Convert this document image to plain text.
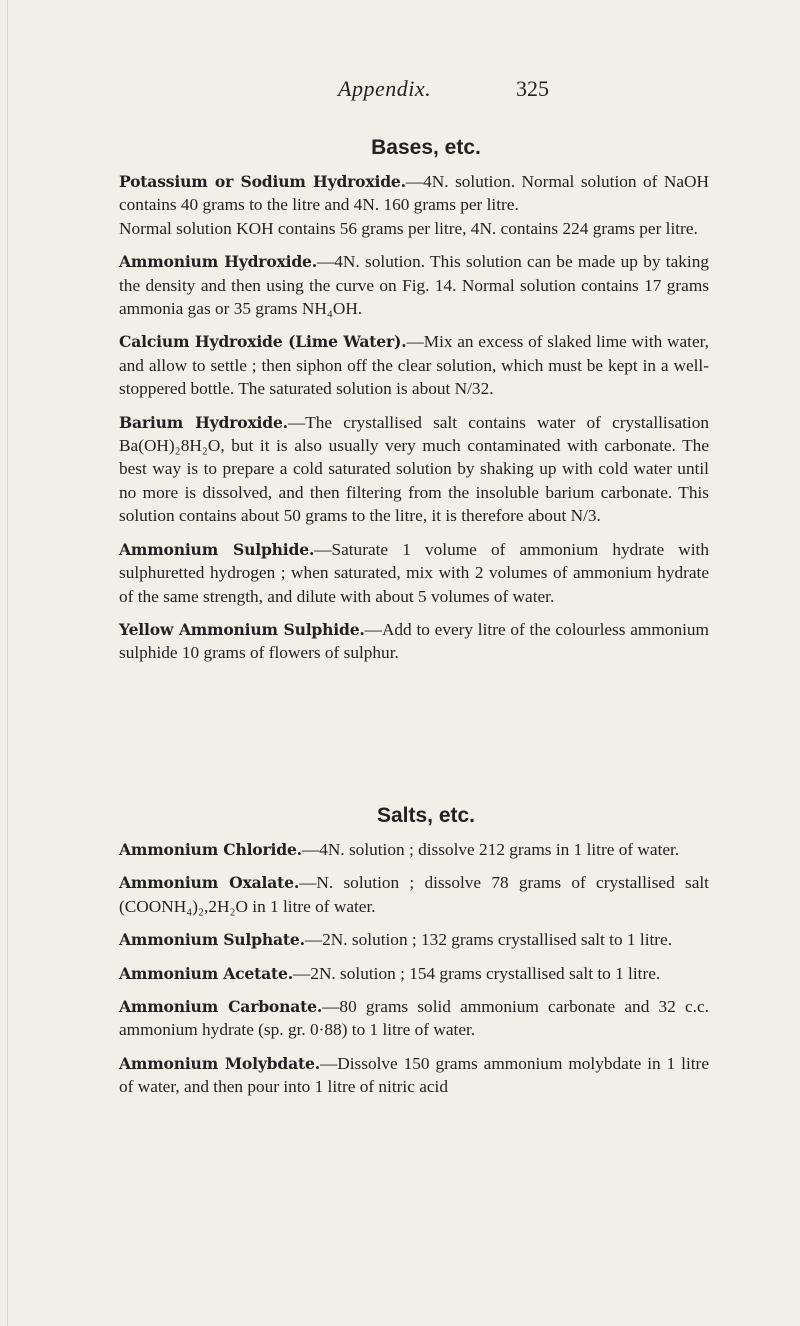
Appendix.	325
Bases, etc.

Potassium or Sodium Hydroxide.—4N. solution. Normal solution of NaOH contains 40 grams to the litre and 4N. 160 grams per litre.

Normal solution KOH contains 56 grams per litre, 4N. contains 224 grams per litre.

Ammonium Hydroxide.—4N. solution. This solution can be made up by taking the density and then using the curve on Fig. 14. Normal solution contains 17 grams ammonia gas or 35 grams NH₄OH.

Calcium Hydroxide (Lime Water).—Mix an excess of slaked lime with water, and allow to settle ; then siphon off the clear solution, which must be kept in a well-stoppered bottle. The saturated solution is about N/32.

Barium Hydroxide.—The crystallised salt contains water of crystallisation Ba(OH)₂8H₂O, but it is also usually very much contaminated with carbonate. The best way is to prepare a cold saturated solution by shaking up with cold water until no more is dissolved, and then filtering from the insoluble barium carbonate. This solution contains about 50 grams to the litre, it is therefore about N/3.

Ammonium Sulphide.—Saturate 1 volume of ammonium hydrate with sulphuretted hydrogen ; when saturated, mix with 2 volumes of ammonium hydrate of the same strength, and dilute with about 5 volumes of water.

Yellow Ammonium Sulphide.—Add to every litre of the colourless ammonium sulphide 10 grams of flowers of sulphur.

Salts, etc.

Ammonium Chloride.—4N. solution ; dissolve 212 grams in 1 litre of water.

Ammonium Oxalate.—N. solution ; dissolve 78 grams of crystallised salt (COONH₄)₂,2H₂O in 1 litre of water.

Ammonium Sulphate.—2N. solution ; 132 grams crystallised salt to 1 litre.

Ammonium Acetate.—2N. solution ; 154 grams crystallised salt to 1 litre.

Ammonium Carbonate.—80 grams solid ammonium carbonate and 32 c.c. ammonium hydrate (sp. gr. 0·88) to 1 litre of water.

Ammonium Molybdate.—Dissolve 150 grams ammonium molybdate in 1 litre of water, and then pour into 1 litre of nitric acid
